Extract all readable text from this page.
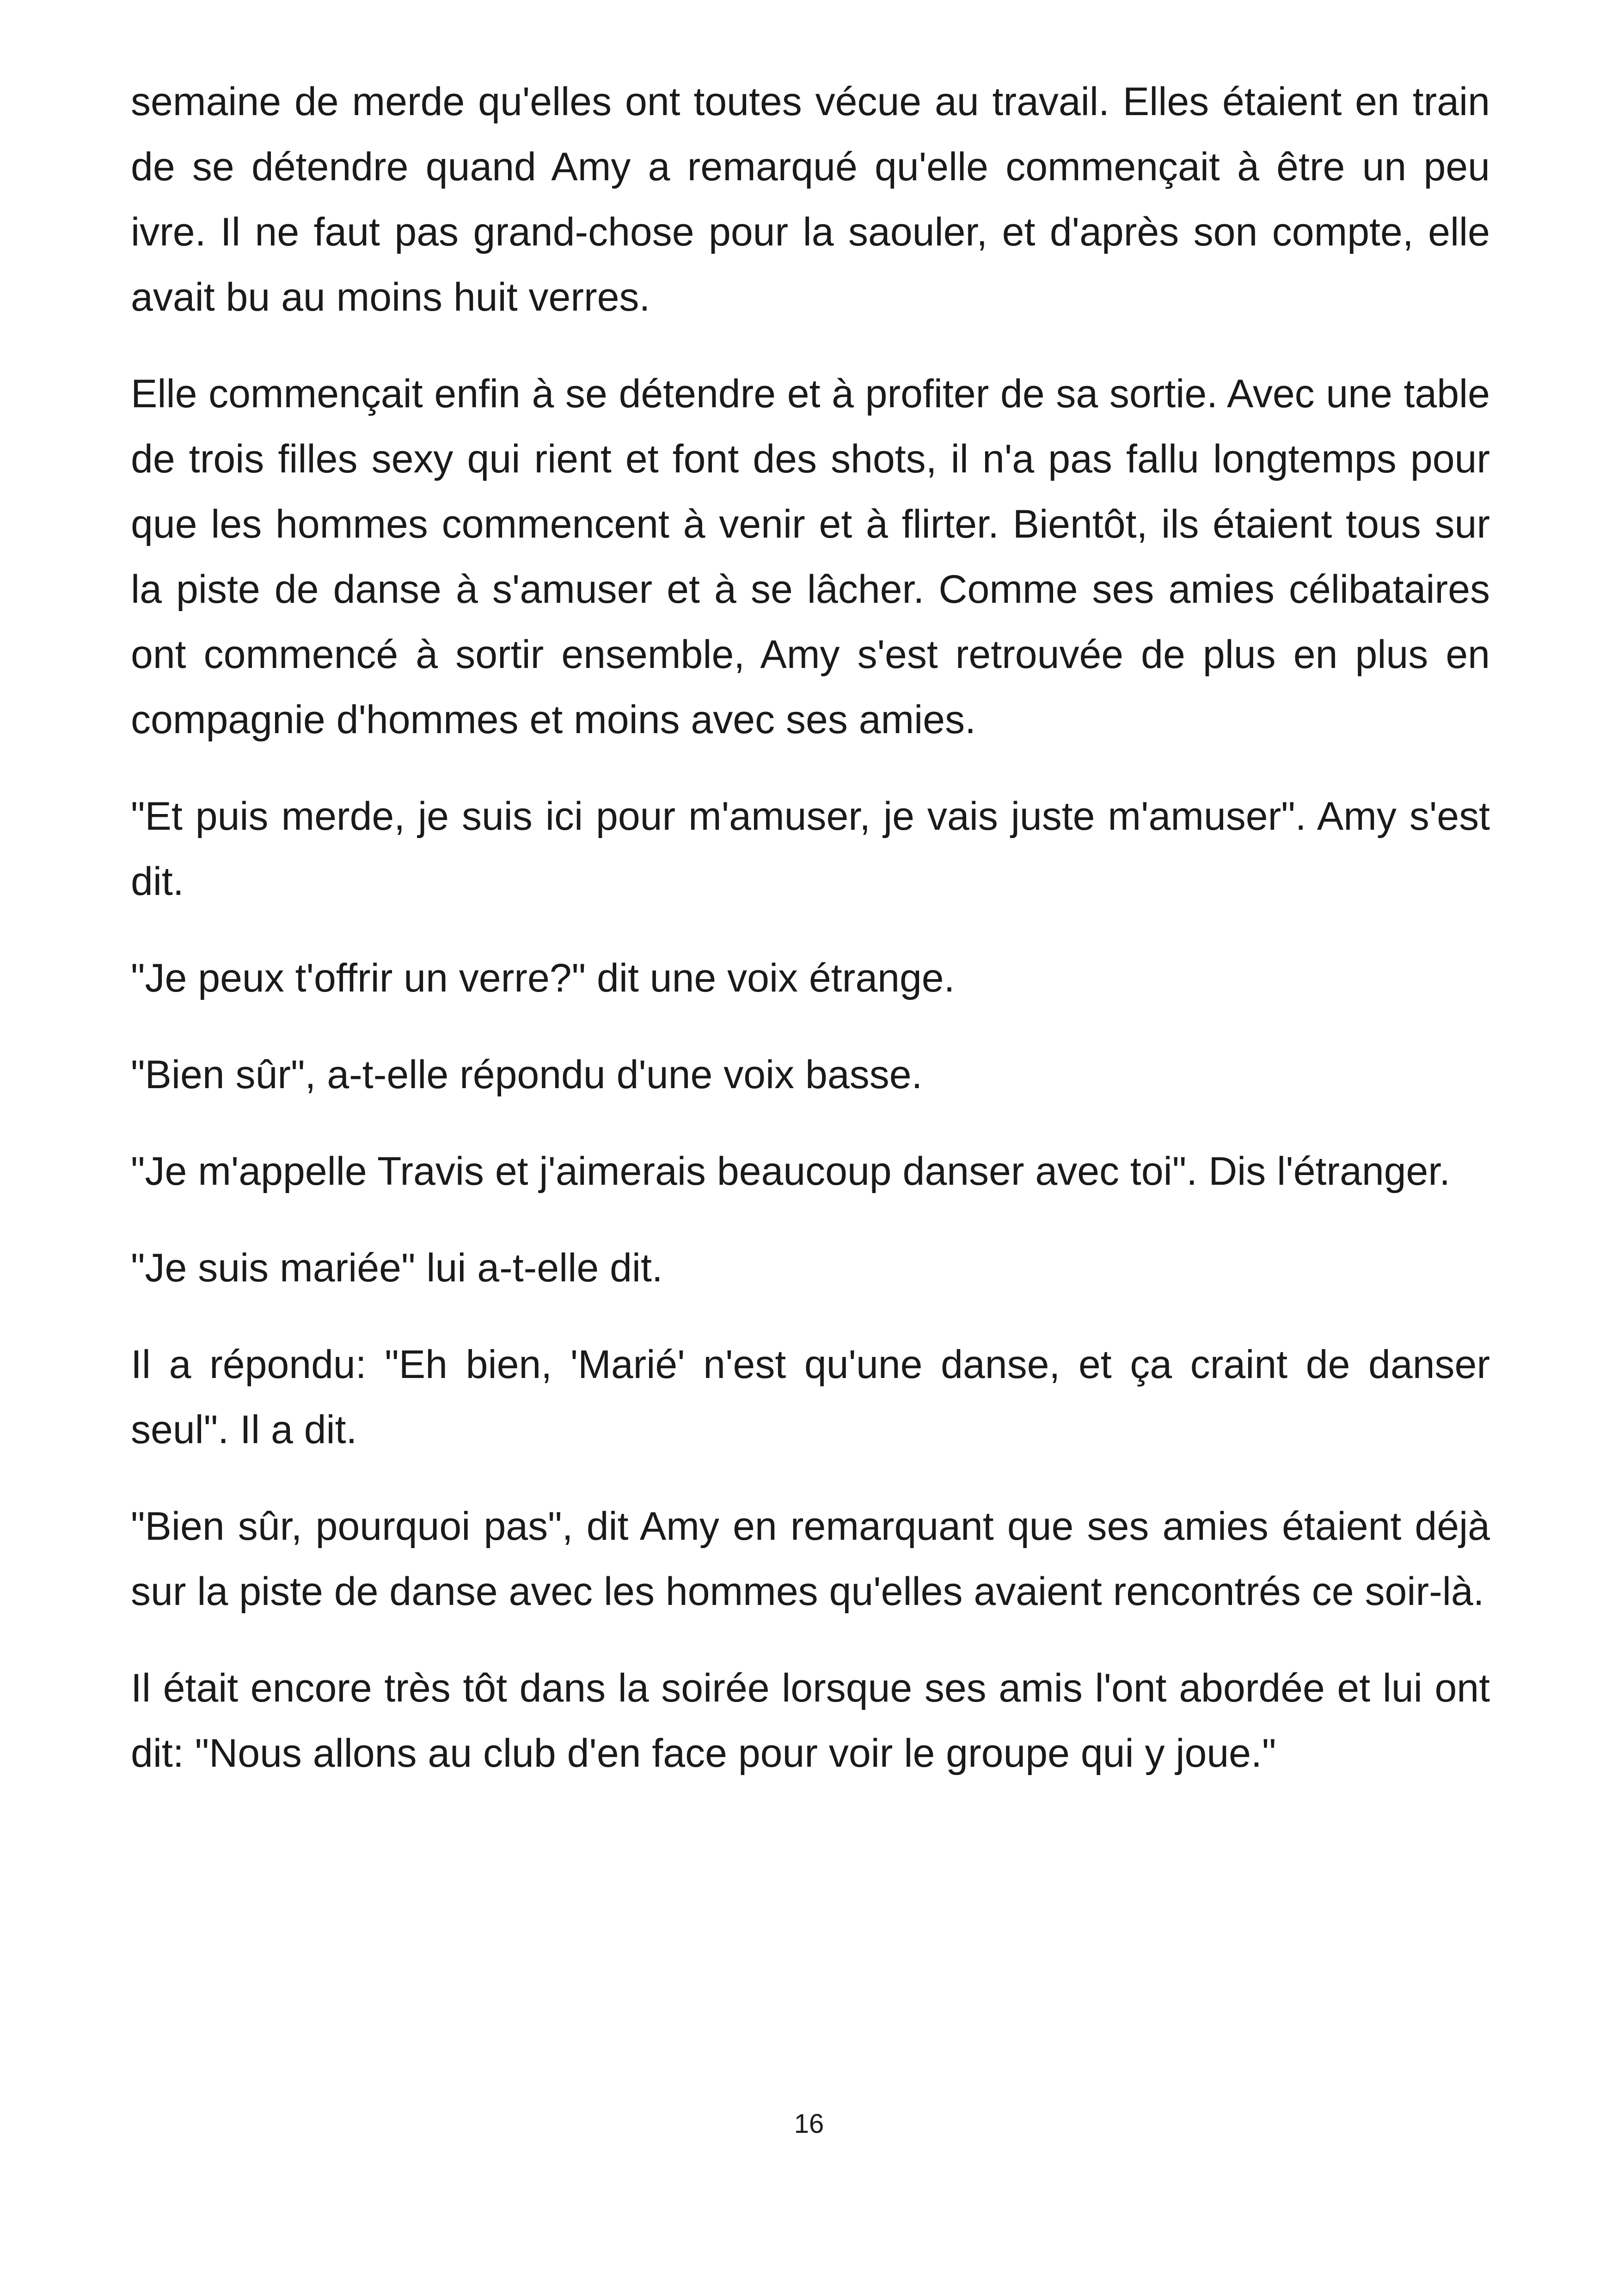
semaine de merde qu'elles ont toutes vécue au travail. Elles étaient en train de se détendre quand Amy a remarqué qu'elle commençait à être un peu ivre. Il ne faut pas grand-chose pour la saouler, et d'après son compte, elle avait bu au moins huit verres.

Elle commençait enfin à se détendre et à profiter de sa sortie. Avec une table de trois filles sexy qui rient et font des shots, il n'a pas fallu longtemps pour que les hommes commencent à venir et à flirter. Bientôt, ils étaient tous sur la piste de danse à s'amuser et à se lâcher. Comme ses amies célibataires ont commencé à sortir ensemble, Amy s'est retrouvée de plus en plus en compagnie d'hommes et moins avec ses amies.

"Et puis merde, je suis ici pour m'amuser, je vais juste m'amuser". Amy s'est dit.

"Je peux t'offrir un verre?" dit une voix étrange.

"Bien sûr", a-t-elle répondu d'une voix basse.

"Je m'appelle Travis et j'aimerais beaucoup danser avec toi". Dis l'étranger.

"Je suis mariée" lui a-t-elle dit.

Il a répondu: "Eh bien, 'Marié' n'est qu'une danse, et ça craint de danser seul". Il a dit.

"Bien sûr, pourquoi pas", dit Amy en remarquant que ses amies étaient déjà sur la piste de danse avec les hommes qu'elles avaient rencontrés ce soir-là.

Il était encore très tôt dans la soirée lorsque ses amis l'ont abordée et lui ont dit: "Nous allons au club d'en face pour voir le groupe qui y joue."

16
